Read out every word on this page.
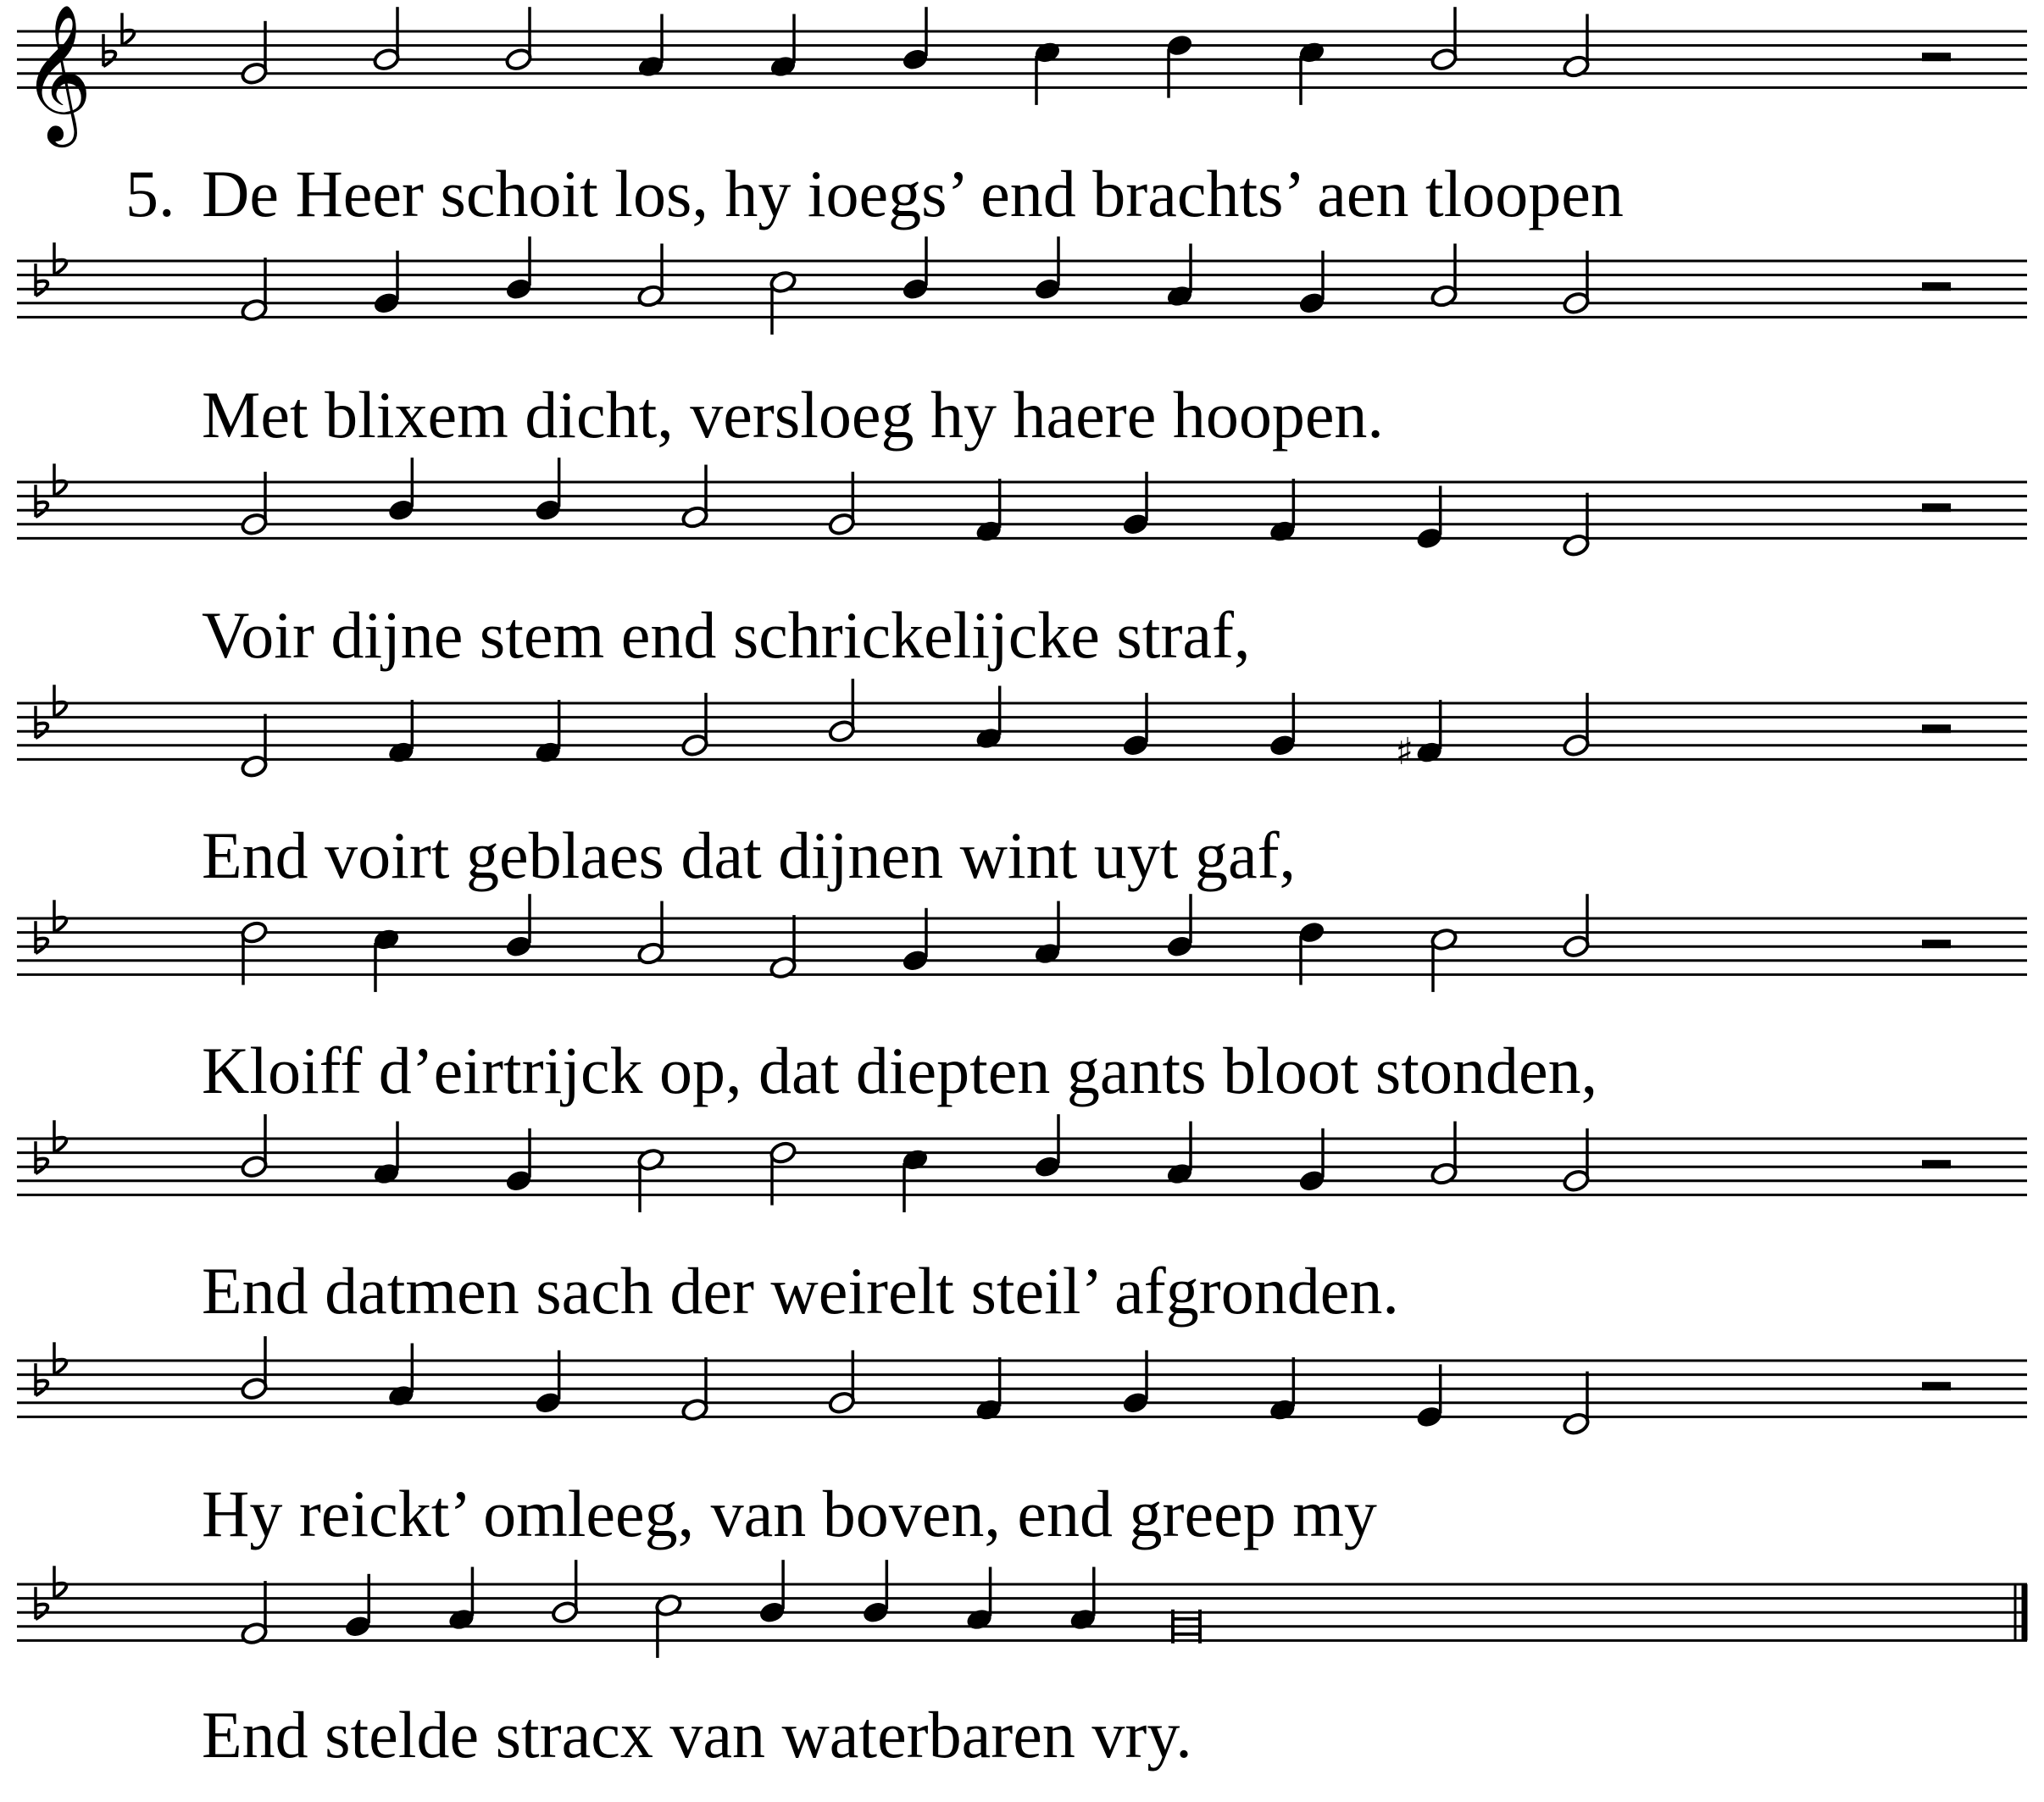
𝄞
5. De Heer schoit los, hy ioegs’ end brachts’ aen tloopen
Met blixem dicht, versloeg hy haere hoopen.
Voir dijne stem end schrickelijcke straf,
♯
End voirt geblaes dat dijnen wint uyt gaf,
Kloiff d’eirtrijck op, dat diepten gants bloot stonden,
End datmen sach der weirelt steil’ afgronden.
Hy reickt’ omleeg, van boven, end greep my
End stelde stracx van waterbaren vry.
